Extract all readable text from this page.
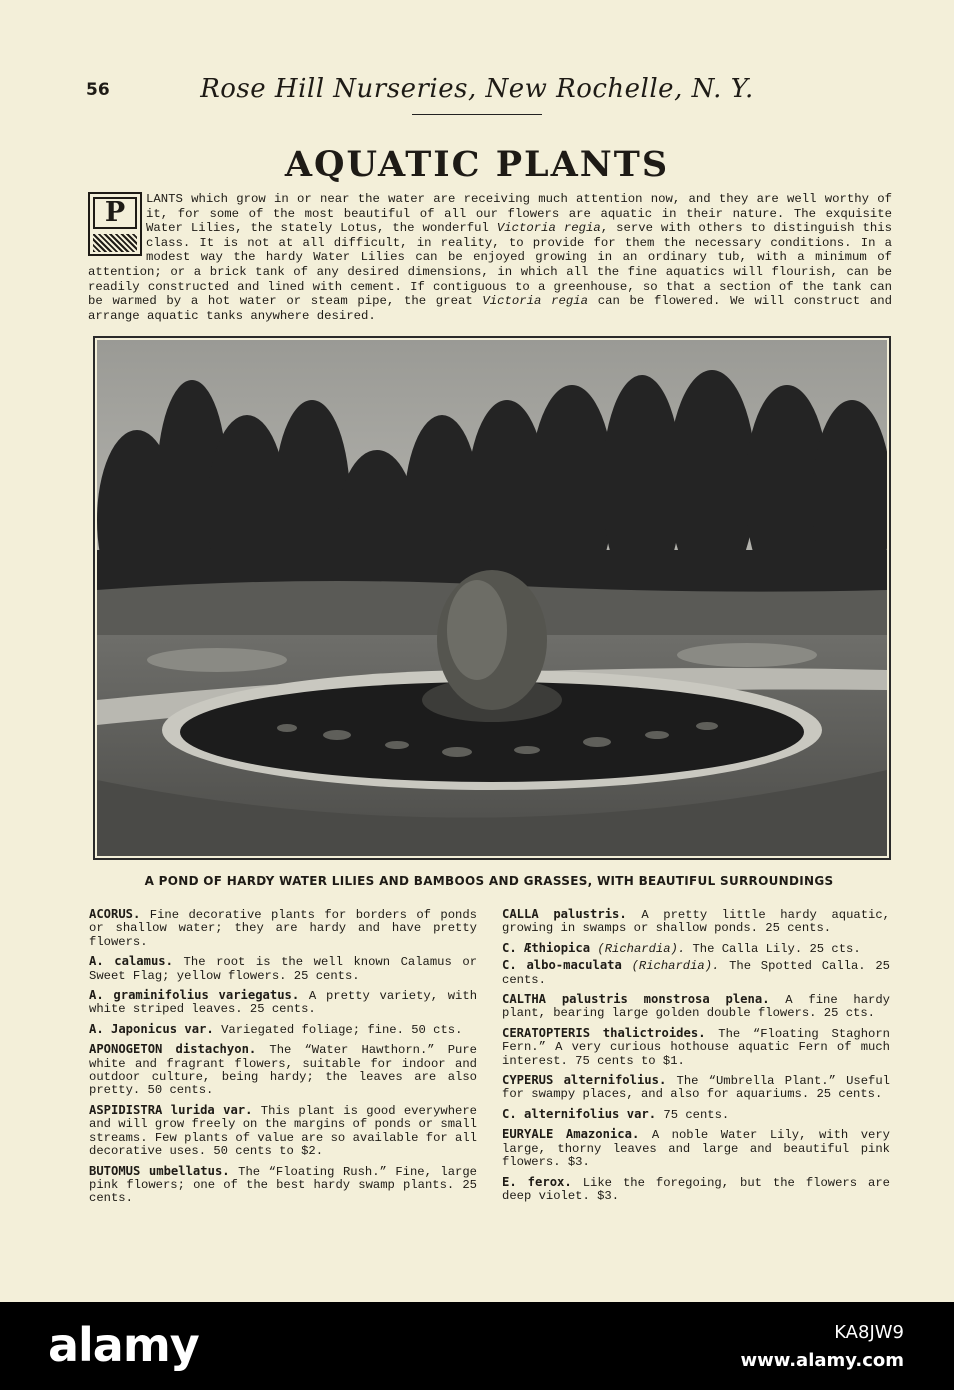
56	Rose Hill Nurseries, New Rochelle, N. Y.
AQUATIC PLANTS
P	LANTS which grow in or near the water are receiving much attention now, and they are well worthy of it, for some of the most beautiful of all our flowers are aquatic in their nature. The exquisite Water Lilies, the stately Lotus, the wonderful Victoria regia, serve with others to distinguish this class. It is not at all difficult, in reality, to provide for them the necessary conditions. In a modest way the hardy Water Lilies can be enjoyed growing in an ordinary tub, with a minimum of attention; or a brick tank of any desired dimensions, in which all the fine aquatics will flourish, can be readily constructed and lined with cement. If contiguous to a greenhouse, so that a section of the tank can be warmed by a hot water or steam pipe, the great Victoria regia can be flowered. We will construct and arrange aquatic tanks anywhere desired.
A POND OF HARDY WATER LILIES AND BAMBOOS AND GRASSES, WITH BEAUTIFUL SURROUNDINGS
ACORUS. Fine decorative plants for borders of ponds or shallow water; they are hardy and have pretty flowers.
A. calamus. The root is the well known Calamus or Sweet Flag; yellow flowers. 25 cents.
A. graminifolius variegatus. A pretty variety, with white striped leaves. 25 cents.
A. Japonicus var. Variegated foliage; fine. 50 cts.
APONOGETON distachyon. The “Water Hawthorn.” Pure white and fragrant flowers, suitable for indoor and outdoor culture, being hardy; the leaves are also pretty. 50 cents.
ASPIDISTRA lurida var. This plant is good everywhere and will grow freely on the margins of ponds or small streams. Few plants of value are so available for all decorative uses. 50 cents to $2.
BUTOMUS umbellatus. The “Floating Rush.” Fine, large pink flowers; one of the best hardy swamp plants. 25 cents.
CALLA palustris. A pretty little hardy aquatic, growing in swamps or shallow ponds. 25 cents.
C. Æthiopica (Richardia). The Calla Lily. 25 cts.
C. albo-maculata (Richardia). The Spotted Calla. 25 cents.
CALTHA palustris monstrosa plena. A fine hardy plant, bearing large golden double flowers. 25 cts.
CERATOPTERIS thalictroides. The “Floating Staghorn Fern.” A very curious hothouse aquatic Fern of much interest. 75 cents to $1.
CYPERUS alternifolius. The “Umbrella Plant.” Useful for swampy places, and also for aquariums. 25 cents.
C. alternifolius var. 75 cents.
EURYALE Amazonica. A noble Water Lily, with very large, thorny leaves and large and beautiful pink flowers. $3.
E. ferox. Like the foregoing, but the flowers are deep violet. $3.
alamy	KA8JW9
www.alamy.com
